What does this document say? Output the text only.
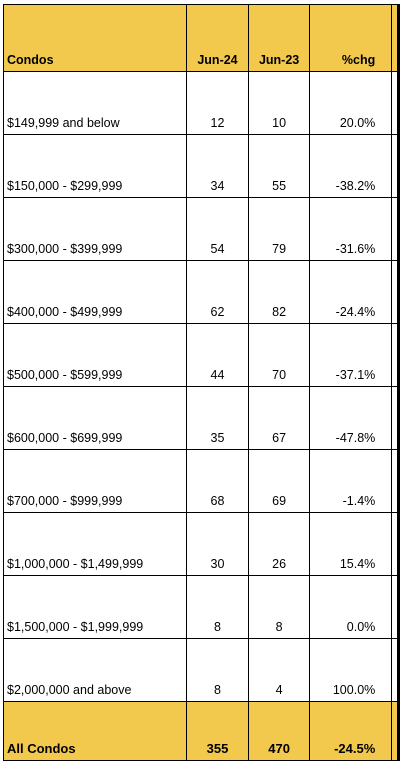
Condos	Jun-24	Jun-23	%chg	
$149,999 and below	12	10	20.0%	
$150,000 - $299,999	34	55	-38.2%	
$300,000 - $399,999	54	79	-31.6%	
$400,000 - $499,999	62	82	-24.4%	
$500,000 - $599,999	44	70	-37.1%	
$600,000 - $699,999	35	67	-47.8%	
$700,000 - $999,999	68	69	-1.4%	
$1,000,000 - $1,499,999	30	26	15.4%	
$1,500,000 - $1,999,999	8	8	0.0%	
$2,000,000 and above	8	4	100.0%	
All Condos	355	470	-24.5%	
